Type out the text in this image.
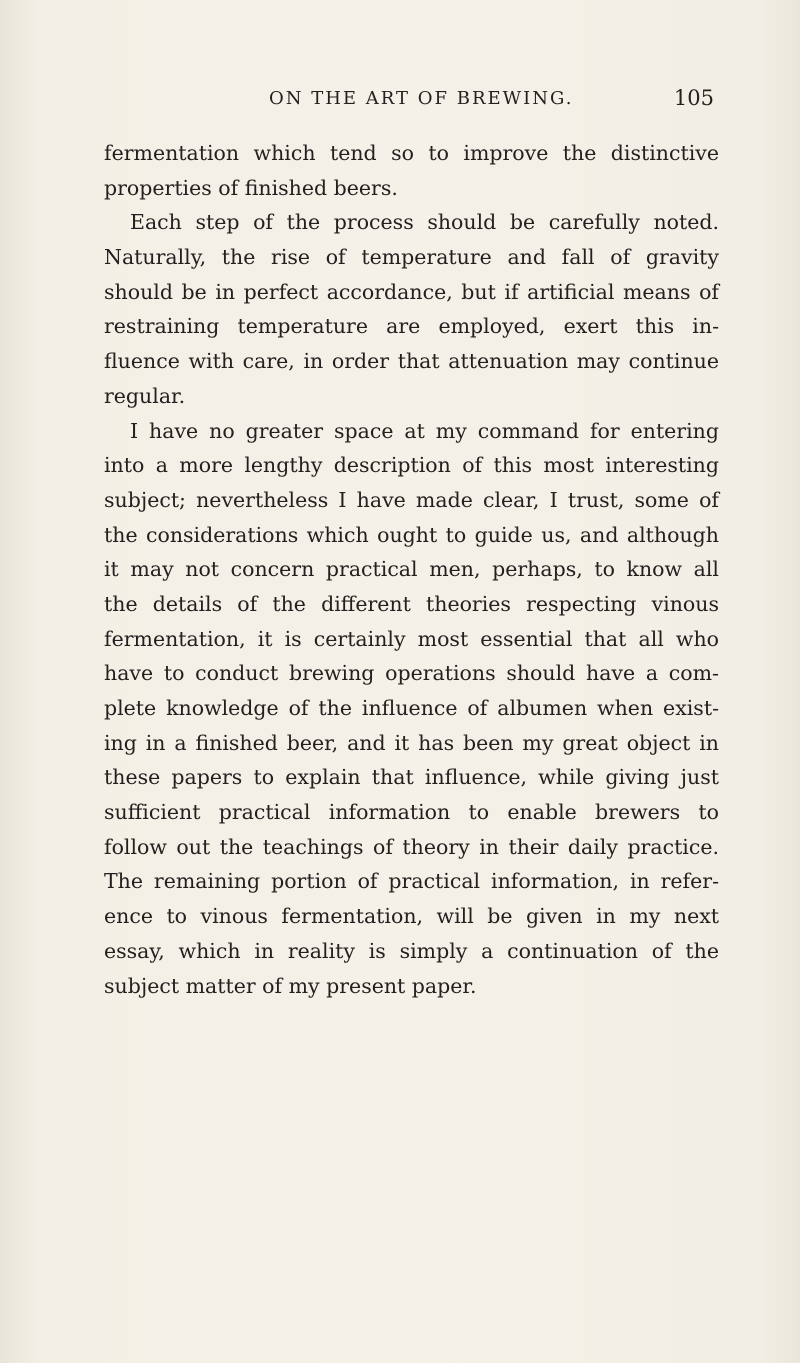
ON THE ART OF BREWING.	105
fermentation which tend so to improve the distinctive
properties of finished beers.
Each step of the process should be carefully noted.
Naturally, the rise of temperature and fall of gravity
should be in perfect accordance, but if artificial means of
restraining temperature are employed, exert this in-
fluence with care, in order that attenuation may continue
regular.
I have no greater space at my command for entering
into a more lengthy description of this most interesting
subject; nevertheless I have made clear, I trust, some of
the considerations which ought to guide us, and although
it may not concern practical men, perhaps, to know all
the details of the different theories respecting vinous
fermentation, it is certainly most essential that all who
have to conduct brewing operations should have a com-
plete knowledge of the influence of albumen when exist-
ing in a finished beer, and it has been my great object in
these papers to explain that influence, while giving just
sufficient practical information to enable brewers to
follow out the teachings of theory in their daily practice.
The remaining portion of practical information, in refer-
ence to vinous fermentation, will be given in my next
essay, which in reality is simply a continuation of the
subject matter of my present paper.
